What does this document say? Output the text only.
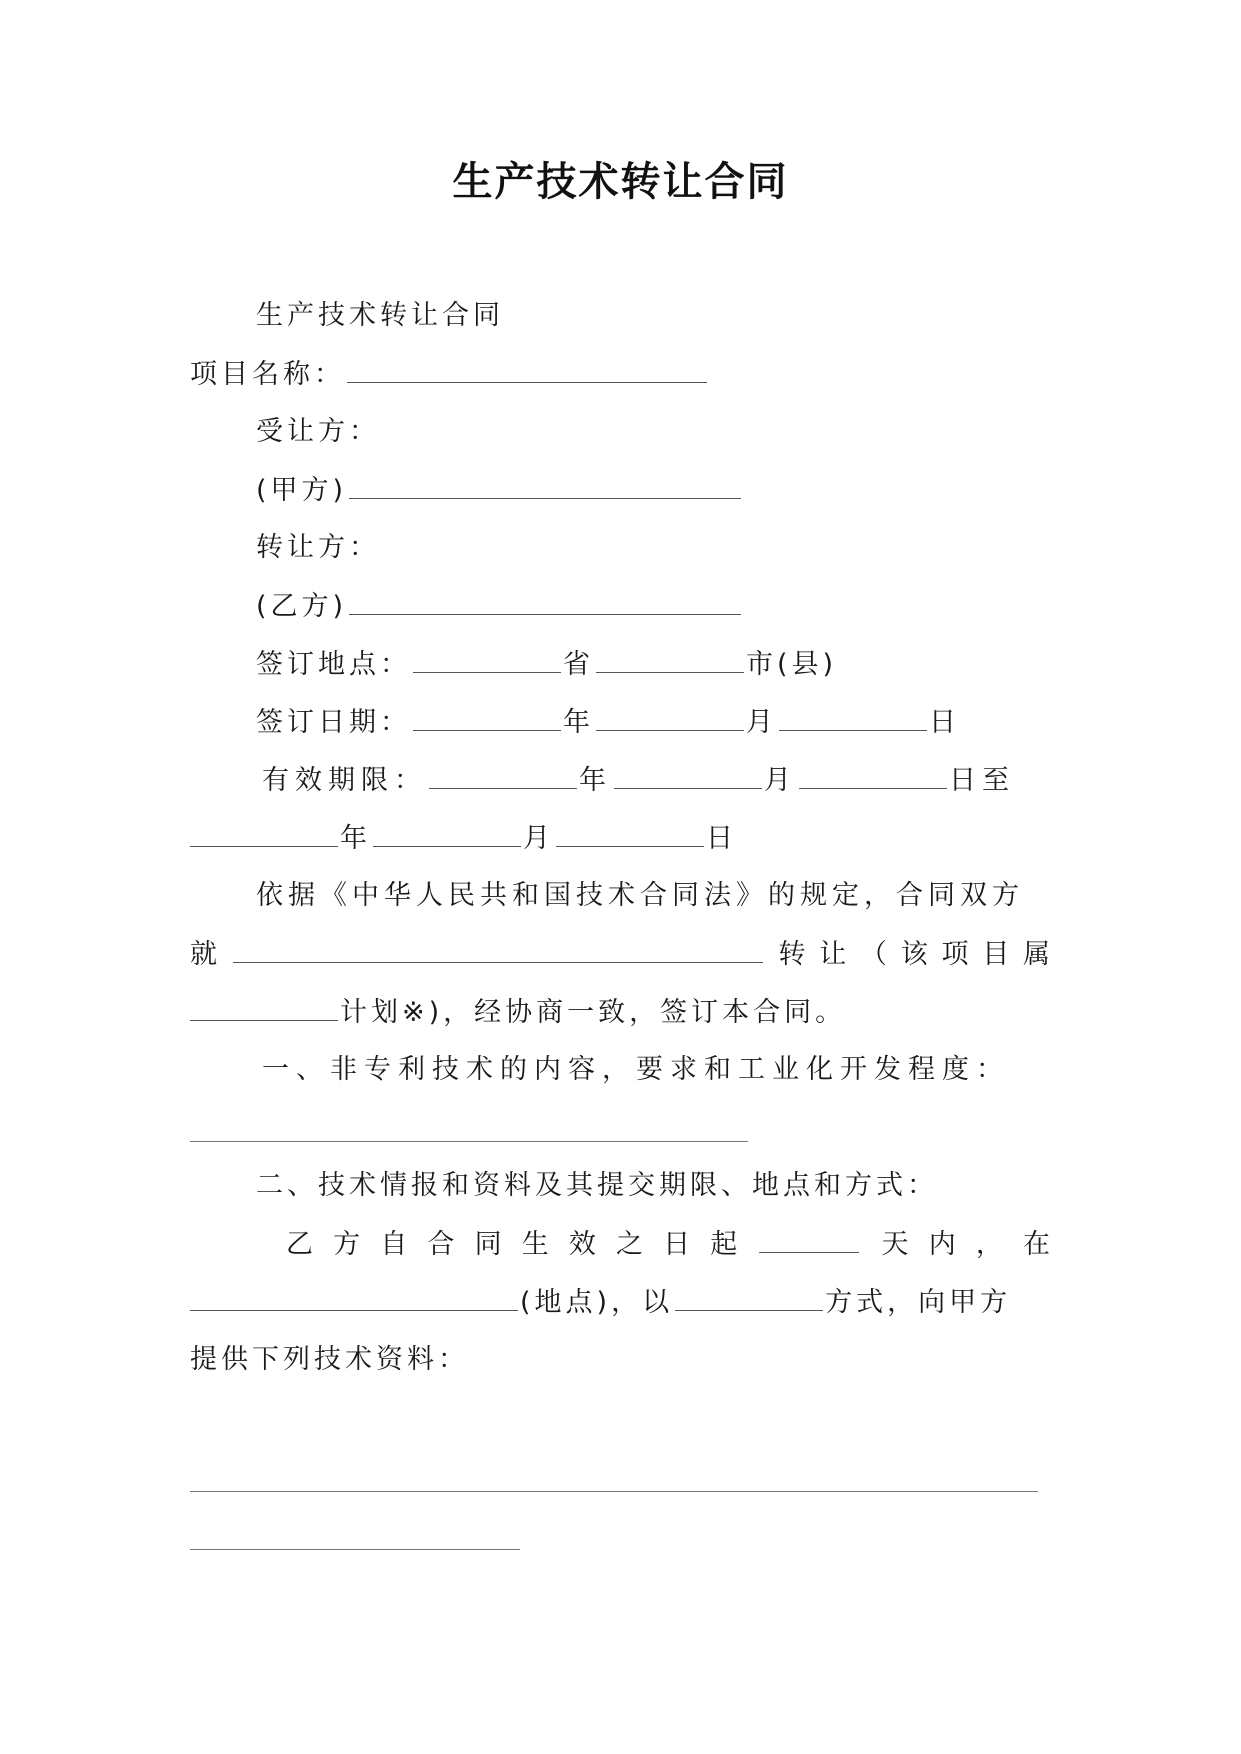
生产技术转让合同
生产技术转让合同
项目名称：
受让方：
(甲方)
转让方：
(乙方)
签订地点：	省	市(县)
签订日期：	年	月	日
有效期限：	年	月	日至
年	月	日
依据《中华人民共和国技术合同法》的规定，合同双方
就	转 让 （ 该 项 目 属
计划※)，经协商一致，签订本合同。
一、非专利技术的内容，要求和工业化开发程度：
二、技术情报和资料及其提交期限、地点和方式：
乙 方 自 合 同 生 效 之 日 起	天 内 ， 在
(地点)，以	方式，向甲方
提供下列技术资料：
